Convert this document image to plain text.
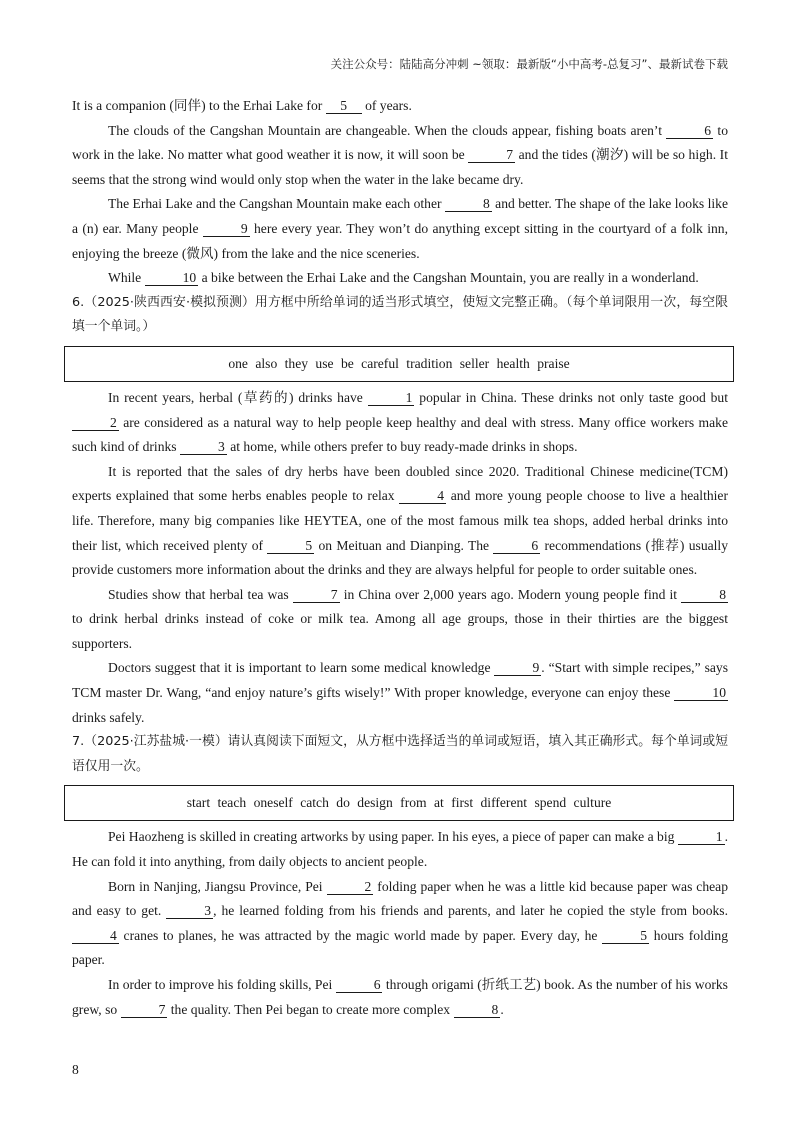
关注公众号：陆陆高分冲刺 ~领取：最新版“小中高考-总复习”、最新试卷下载

It is a companion (同伴) to the Erhai Lake for 5 of years.

The clouds of the Cangshan Mountain are changeable. When the clouds appear, fishing boats aren’t	6 to work in the lake. No matter what good weather it is now, it will soon be	7 and the tides (潮汐) will be so high. It seems that the strong wind would only stop when the water in the lake became dry.

The Erhai Lake and the Cangshan Mountain make each other	8 and better. The shape of the lake looks like a (n) ear. Many people	9 here every year. They won’t do anything except sitting in the courtyard of a folk inn, enjoying the breeze (微风) from the lake and the nice sceneries.

While	10 a bike between the Erhai Lake and the Cangshan Mountain, you are really in a wonderland.

6.（2025·陕西西安·模拟预测）用方框中所给单词的适当形式填空，使短文完整正确。（每个单词限用一次，每空限填一个单词。）

one also they use be careful tradition seller health praise

In recent years, herbal (草药的) drinks have	1 popular in China. These drinks not only taste good but 2 are considered as a natural way to help people keep healthy and deal with stress. Many office workers make such kind of drinks	3 at home, while others prefer to buy ready-made drinks in shops.

It is reported that the sales of dry herbs have been doubled since 2020. Traditional Chinese medicine(TCM) experts explained that some herbs enables people to relax	4 and more young people choose to live a healthier life. Therefore, many big companies like HEYTEA, one of the most famous milk tea shops, added herbal drinks into their list, which received plenty of	5 on Meituan and Dianping. The	6 recommendations (推荐) usually provide customers more information about the drinks and they are always helpful for people to order suitable ones.

Studies show that herbal tea was	7 in China over 2,000 years ago. Modern young people find it	8 to drink herbal drinks instead of coke or milk tea. Among all age groups, those in their thirties are the biggest supporters.

Doctors suggest that it is important to learn some medical knowledge	9 . “Start with simple recipes,” says TCM master Dr. Wang, “and enjoy nature’s gifts wisely!” With proper knowledge, everyone can enjoy these	10 drinks safely.

7.（2025·江苏盐城·一模）请认真阅读下面短文，从方框中选择适当的单词或短语，填入其正确形式。每个单词或短语仅用一次。

start teach oneself catch do design from at first different spend culture

Pei Haozheng is skilled in creating artworks by using paper. In his eyes, a piece of paper can make a big	1 . He can fold it into anything, from daily objects to ancient people.

Born in Nanjing, Jiangsu Province, Pei	2 folding paper when he was a little kid because paper was cheap and easy to get.	3 , he learned folding from his friends and parents, and later he copied the style from books. 4 cranes to planes, he was attracted by the magic world made by paper. Every day, he	5 hours folding paper.

In order to improve his folding skills, Pei	6 through origami (折纸工艺) book. As the number of his works grew, so	7 the quality. Then Pei began to create more complex	8 .

8
